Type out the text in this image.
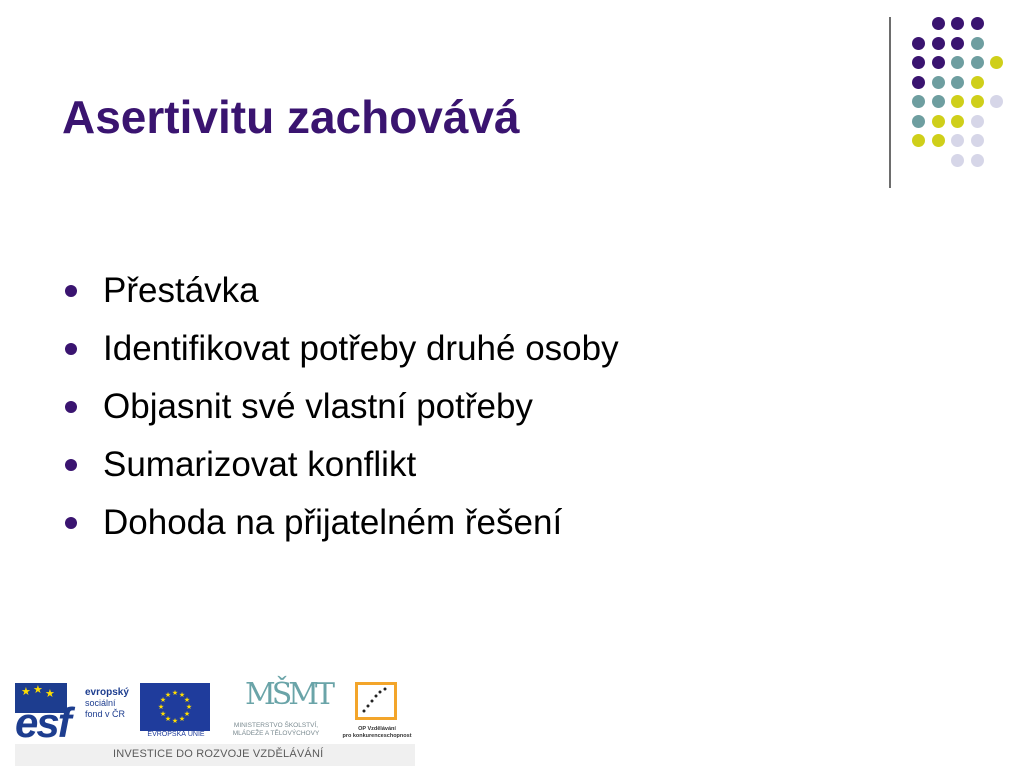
Asertivitu zachovává
Přestávka
Identifikovat potřeby druhé osoby
Objasnit své vlastní potřeby
Sumarizovat konflikt
Dohoda na přijatelném řešení
★ ★ ★
esf
evropský
sociální
fond v ČR
★ ★
★
★
★
★
★
★
★
★
★
★
EVROPSKÁ UNIE
MŠMT
MINISTERSTVO ŠKOLSTVÍ,
MLÁDEŽE A TĚLOVÝCHOVY
OP Vzdělávání
pro konkurenceschopnost
INVESTICE DO ROZVOJE VZDĚLÁVÁNÍ
